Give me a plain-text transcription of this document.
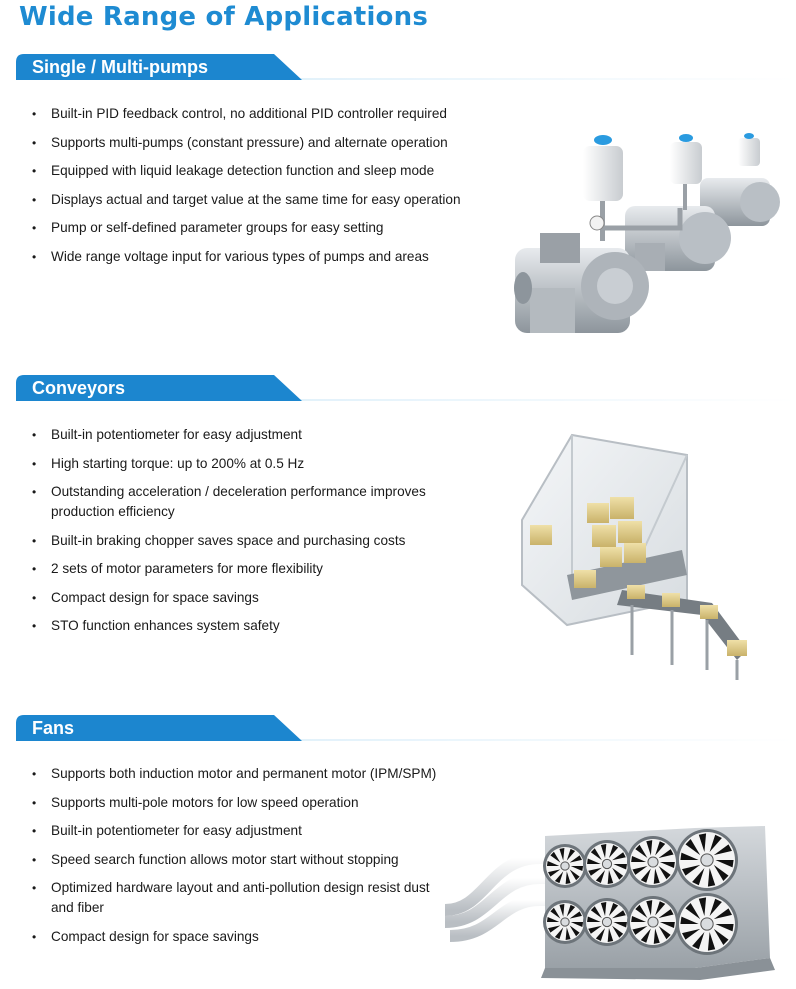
Wide Range of Applications
Single / Multi-pumps
• Built-in PID feedback control, no additional PID controller required
• Supports multi-pumps (constant pressure) and alternate operation
• Equipped with liquid leakage detection function and sleep mode
• Displays actual and target value at the same time for easy operation
• Pump or self-defined parameter groups for easy setting
• Wide range voltage input for various types of pumps and areas
Conveyors
• Built-in potentiometer for easy adjustment
• High starting torque: up to 200% at 0.5 Hz
• Outstanding acceleration / deceleration performance improves production efficiency
• Built-in braking chopper saves space and purchasing costs
• 2 sets of motor parameters for more flexibility
• Compact design for space savings
• STO function enhances system safety
Fans
• Supports both induction motor and permanent motor (IPM/SPM)
• Supports multi-pole motors for low speed operation
• Built-in potentiometer for easy adjustment
• Speed search function allows motor start without stopping
• Optimized hardware layout and anti-pollution design resist dust and fiber
• Compact design for space savings
